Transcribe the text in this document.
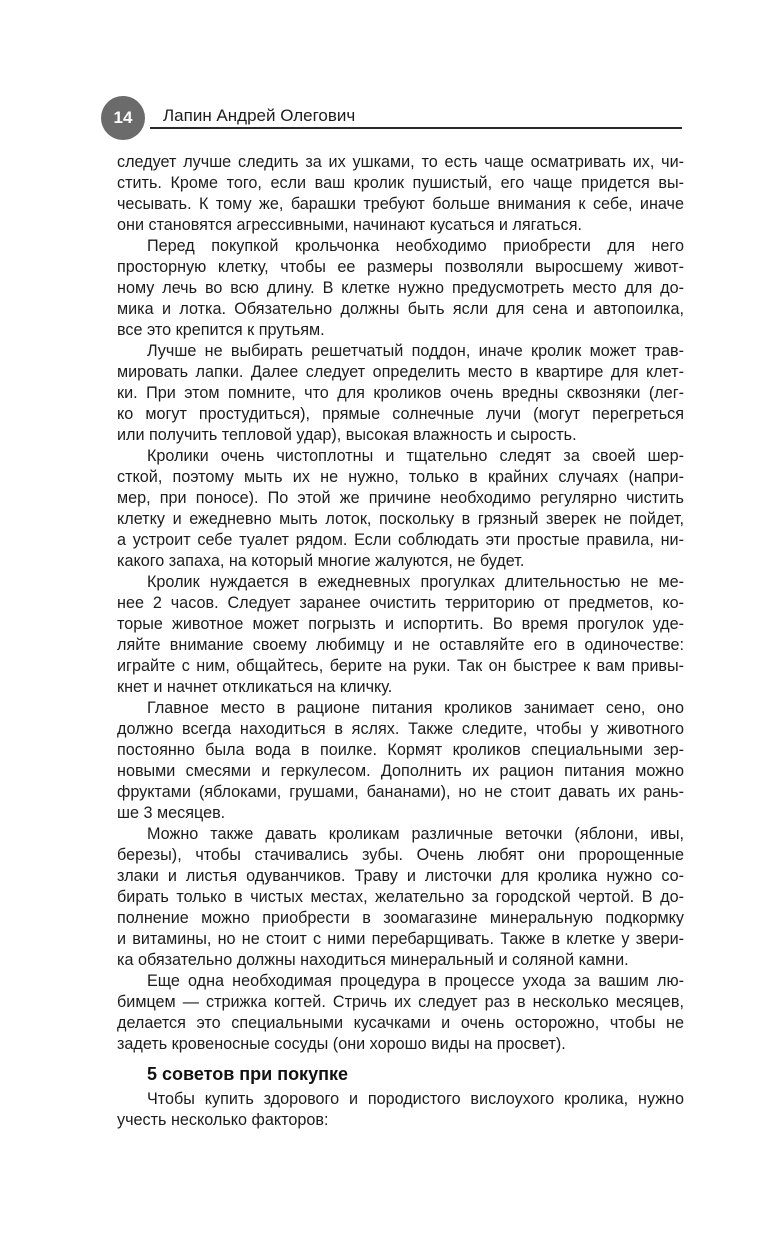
14	Лапин Андрей Олегович
следует лучше следить за их ушками, то есть чаще осматривать их, чи-
стить. Кроме того, если ваш кролик пушистый, его чаще придется вы-
чесывать. К тому же, барашки требуют больше внимания к себе, иначе
они становятся агрессивными, начинают кусаться и лягаться.
Перед покупкой крольчонка необходимо приобрести для него
просторную клетку, чтобы ее размеры позволяли выросшему живот-
ному лечь во всю длину. В клетке нужно предусмотреть место для до-
мика и лотка. Обязательно должны быть ясли для сена и автопоилка,
все это крепится к прутьям.
Лучше не выбирать решетчатый поддон, иначе кролик может трав-
мировать лапки. Далее следует определить место в квартире для клет-
ки. При этом помните, что для кроликов очень вредны сквозняки (лег-
ко могут простудиться), прямые солнечные лучи (могут перегреться
или получить тепловой удар), высокая влажность и сырость.
Кролики очень чистоплотны и тщательно следят за своей шер-
сткой, поэтому мыть их не нужно, только в крайних случаях (напри-
мер, при поносе). По этой же причине необходимо регулярно чистить
клетку и ежедневно мыть лоток, поскольку в грязный зверек не пойдет,
а устроит себе туалет рядом. Если соблюдать эти простые правила, ни-
какого запаха, на который многие жалуются, не будет.
Кролик нуждается в ежедневных прогулках длительностью не ме-
нее 2 часов. Следует заранее очистить территорию от предметов, ко-
торые животное может погрызть и испортить. Во время прогулок уде-
ляйте внимание своему любимцу и не оставляйте его в одиночестве:
играйте с ним, общайтесь, берите на руки. Так он быстрее к вам привы-
кнет и начнет откликаться на кличку.
Главное место в рационе питания кроликов занимает сено, оно
должно всегда находиться в яслях. Также следите, чтобы у животного
постоянно была вода в поилке. Кормят кроликов специальными зер-
новыми смесями и геркулесом. Дополнить их рацион питания можно
фруктами (яблоками, грушами, бананами), но не стоит давать их рань-
ше 3 месяцев.
Можно также давать кроликам различные веточки (яблони, ивы,
березы), чтобы стачивались зубы. Очень любят они пророщенные
злаки и листья одуванчиков. Траву и листочки для кролика нужно со-
бирать только в чистых местах, желательно за городской чертой. В до-
полнение можно приобрести в зоомагазине минеральную подкормку
и витамины, но не стоит с ними перебарщивать. Также в клетке у звери-
ка обязательно должны находиться минеральный и соляной камни.
Еще одна необходимая процедура в процессе ухода за вашим лю-
бимцем — стрижка когтей. Стричь их следует раз в несколько месяцев,
делается это специальными кусачками и очень осторожно, чтобы не
задеть кровеносные сосуды (они хорошо виды на просвет).
5 советов при покупке
Чтобы купить здорового и породистого вислоухого кролика, нужно
учесть несколько факторов:
